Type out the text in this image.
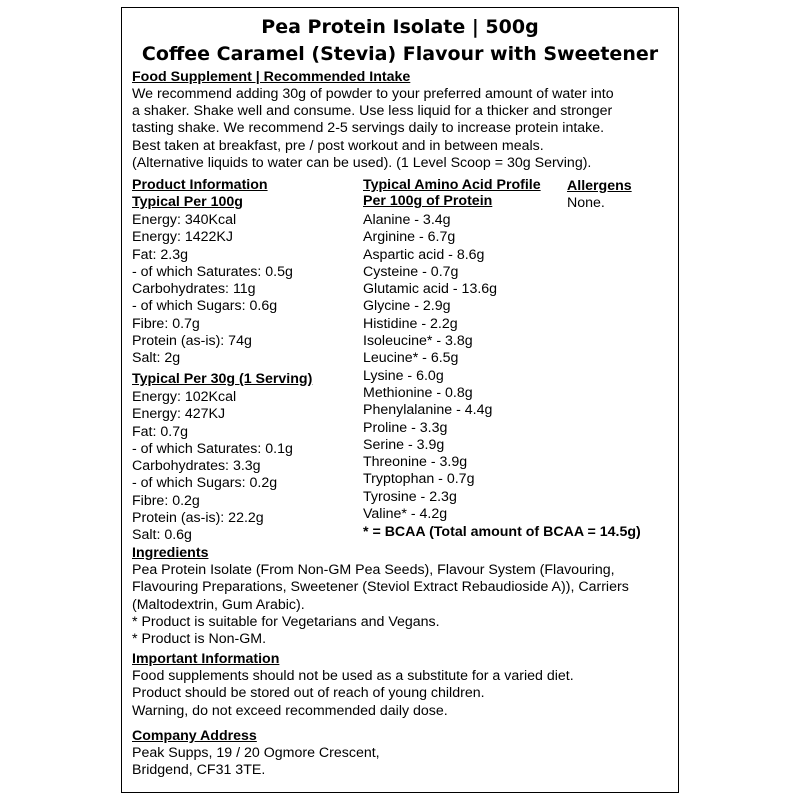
Pea Protein Isolate | 500g
Coffee Caramel (Stevia) Flavour with Sweetener
Food Supplement | Recommended Intake
We recommend adding 30g of powder to your preferred amount of water into
a shaker. Shake well and consume. Use less liquid for a thicker and stronger
tasting shake. We recommend 2-5 servings daily to increase protein intake.
Best taken at breakfast, pre / post workout and in between meals.
(Alternative liquids to water can be used). (1 Level Scoop = 30g Serving).
Product Information
Typical Per 100g
Energy: 340Kcal
Energy: 1422KJ
Fat: 2.3g
- of which Saturates: 0.5g
Carbohydrates: 11g
- of which Sugars: 0.6g
Fibre: 0.7g
Protein (as-is): 74g
Salt: 2g
Typical Per 30g (1 Serving)
Energy: 102Kcal
Energy: 427KJ
Fat: 0.7g
- of which Saturates: 0.1g
Carbohydrates: 3.3g
- of which Sugars: 0.2g
Fibre: 0.2g
Protein (as-is): 22.2g
Salt: 0.6g
Typical Amino Acid Profile
Per 100g of Protein
Alanine - 3.4g
Arginine - 6.7g
Aspartic acid - 8.6g
Cysteine - 0.7g
Glutamic acid - 13.6g
Glycine - 2.9g
Histidine - 2.2g
Isoleucine* - 3.8g
Leucine* - 6.5g
Lysine - 6.0g
Methionine - 0.8g
Phenylalanine - 4.4g
Proline - 3.3g
Serine - 3.9g
Threonine - 3.9g
Tryptophan - 0.7g
Tyrosine - 2.3g
Valine* - 4.2g
* = BCAA (Total amount of BCAA = 14.5g)
Allergens
None.
Ingredients
Pea Protein Isolate (From Non-GM Pea Seeds), Flavour System (Flavouring,
Flavouring Preparations, Sweetener (Steviol Extract Rebaudioside A)), Carriers
(Maltodextrin, Gum Arabic).
* Product is suitable for Vegetarians and Vegans.
* Product is Non-GM.
Important Information
Food supplements should not be used as a substitute for a varied diet.
Product should be stored out of reach of young children.
Warning, do not exceed recommended daily dose.
Company Address
Peak Supps, 19 / 20 Ogmore Crescent,
Bridgend, CF31 3TE.
